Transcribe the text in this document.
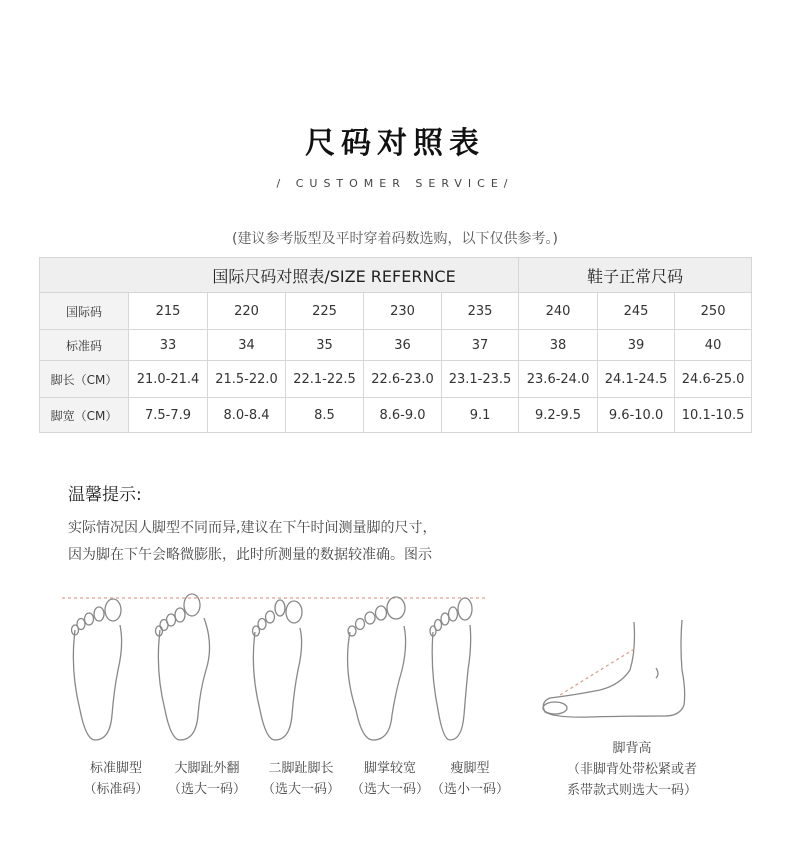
尺码对照表
/ CUSTOMER SERVICE/
(建议参考版型及平时穿着码数选购，以下仅供参考。)
国际尺码对照表/SIZE REFERNCE						鞋子正常尺码		
国际码	215	220	225	230	235	240	245	250
标准码	33	34	35	36	37	38	39	40
脚长（CM）	21.0-21.4	21.5-22.0	22.1-22.5	22.6-23.0	23.1-23.5	23.6-24.0	24.1-24.5	24.6-25.0
脚宽（CM）	7.5-7.9	8.0-8.4	8.5	8.6-9.0	9.1	9.2-9.5	9.6-10.0	10.1-10.5
温馨提示:
实际情况因人脚型不同而异,建议在下午时间测量脚的尺寸，
因为脚在下午会略微膨胀，此时所测量的数据较准确。图示
标准脚型
（标准码）
大脚趾外翻
（选大一码）
二脚趾脚长
（选大一码）
脚掌较宽
（选大一码）
瘦脚型
（选小一码）
脚背高
（非脚背处带松紧或者
系带款式则选大一码）
